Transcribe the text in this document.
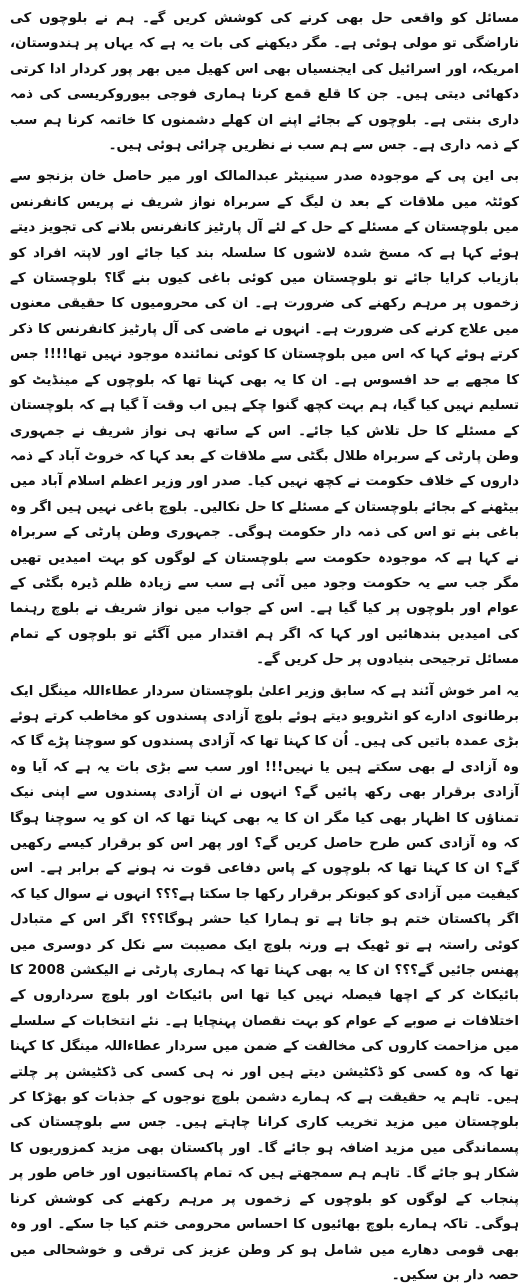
مسائل کو واقعی حل بھی کرنے کی کوشش کریں گے۔ ہم نے بلوچوں کی ناراضگی تو مولی ہوئی ہے۔ مگر دیکھنے کی بات یہ ہے کہ یہاں پر ہندوستان، امریکہ، اور اسرائیل کی ایجنسیاں بھی اس کھیل میں بھر پور کردار ادا کرتی دکھائی دیتی ہیں۔ جن کا قلع قمع کرنا ہماری فوجی بیوروکریسی کی ذمہ داری بنتی ہے۔ بلوچوں کے بجائے اپنے ان کھلے دشمنوں کا خاتمہ کرنا ہم سب کے ذمہ داری ہے۔ جس سے ہم سب نے نظریں چرائی ہوئی ہیں۔

بی این پی کے موجودہ صدر سینیٹر عبدالمالک اور میر حاصل خان بزنجو سے کوئٹہ میں ملاقات کے بعد ن لیگ کے سربراہ نواز شریف نے پریس کانفرنس میں بلوچستان کے مسئلے کے حل کے لئے آل پارٹیز کانفرنس بلانے کی تجویز دیتے ہوئے کہا ہے کہ مسخ شدہ لاشوں کا سلسلہ بند کیا جائے اور لاپتہ افراد کو بازیاب کرایا جائے تو بلوچستان میں کوئی باغی کیوں بنے گا؟ بلوچستان کے زخموں پر مرہم رکھنے کی ضرورت ہے۔ ان کی محرومیوں کا حقیقی معنوں میں علاج کرنے کی ضرورت ہے۔ انہوں نے ماضی کی آل پارٹیز کانفرنس کا ذکر کرتے ہوئے کہا کہ اس میں بلوچستان کا کوئی نمائندہ موجود نہیں تھا!!!! جس کا مجھے بے حد افسوس ہے۔ ان کا یہ بھی کہنا تھا کہ بلوچوں کے مینڈیٹ کو تسلیم نہیں کیا گیا، ہم بہت کچھ گنوا چکے ہیں اب وقت آ گیا ہے کہ بلوچستان کے مسئلے کا حل تلاش کیا جائے۔ اس کے ساتھ ہی نواز شریف نے جمہوری وطن پارٹی کے سربراہ طلال بگٹی سے ملاقات کے بعد کہا کہ خروٹ آباد کے ذمہ داروں کے خلاف حکومت نے کچھ نہیں کیا۔ صدر اور وزیر اعظم اسلام آباد میں بیٹھنے کے بجائے بلوچستان کے مسئلے کا حل نکالیں۔ بلوچ باغی نہیں ہیں اگر وہ باغی بنے تو اس کی ذمہ دار حکومت ہوگی۔ جمہوری وطن پارٹی کے سربراہ نے کہا ہے کہ موجودہ حکومت سے بلوچستان کے لوگوں کو بہت امیدیں تھیں مگر جب سے یہ حکومت وجود میں آئی ہے سب سے زیادہ ظلم ڈیرہ بگٹی کے عوام اور بلوچوں پر کیا گیا ہے۔ اس کے جواب میں نواز شریف نے بلوچ رہنما کی امیدیں بندھائیں اور کہا کہ اگر ہم اقتدار میں آگئے تو بلوچوں کے تمام مسائل ترجیحی بنیادوں پر حل کریں گے۔

یہ امر خوش آئند ہے کہ سابق وزیر اعلیٰ بلوچستان سردار عطاءاللہ مینگل ایک برطانوی ادارے کو انٹرویو دیتے ہوئے بلوچ آزادی پسندوں کو مخاطب کرتے ہوئے بڑی عمدہ باتیں کی ہیں۔ اُن کا کہنا تھا کہ آزادی پسندوں کو سوچنا پڑے گا کہ وہ آزادی لے بھی سکتے ہیں یا نہیں!!! اور سب سے بڑی بات یہ ہے کہ آیا وہ آزادی برقرار بھی رکھ پائیں گے؟ انہوں نے ان آزادی پسندوں سے اپنی نیک تمناؤں کا اظہار بھی کیا مگر ان کا یہ بھی کہنا تھا کہ ان کو یہ سوچنا ہوگا کہ وہ آزادی کس طرح حاصل کریں گے؟ اور پھر اس کو برقرار کیسے رکھیں گے؟ ان کا کہنا تھا کہ بلوچوں کے پاس دفاعی قوت نہ ہونے کے برابر ہے۔ اس کیفیت میں آزادی کو کیونکر برقرار رکھا جا سکتا ہے؟؟؟ انہوں نے سوال کیا کہ اگر پاکستان ختم ہو جاتا ہے تو ہمارا کیا حشر ہوگا؟؟؟ اگر اس کے متبادل کوئی راستہ ہے تو ٹھیک ہے ورنہ بلوچ ایک مصیبت سے نکل کر دوسری میں پھنس جائیں گے؟؟؟ ان کا یہ بھی کہنا تھا کہ ہماری پارٹی نے الیکشن 2008 کا بائیکاٹ کر کے اچھا فیصلہ نہیں کیا تھا اس بائیکاٹ اور بلوچ سرداروں کے اختلافات نے صوبے کے عوام کو بہت نقصان پہنچایا ہے۔ نئے انتخابات کے سلسلے میں مزاحمت کاروں کی مخالفت کے ضمن میں سردار عطاءاللہ مینگل کا کہنا تھا کہ وہ کسی کو ڈکٹیشن دیتے ہیں اور نہ ہی کسی کی ڈکٹیشن پر چلتے ہیں۔ تاہم یہ حقیقت ہے کہ ہمارے دشمن بلوچ نوجوں کے جذبات کو بھڑکا کر بلوچستان میں مزید تخریب کاری کرانا چاہتے ہیں۔ جس سے بلوچستان کی پسماندگی میں مزید اضافہ ہو جائے گا۔ اور پاکستان بھی مزید کمزوریوں کا شکار ہو جائے گا۔ تاہم ہم سمجھتے ہیں کہ تمام پاکستانیوں اور خاص طور پر پنجاب کے لوگوں کو بلوچوں کے زخموں پر مرہم رکھنے کی کوشش کرنا ہوگی۔ تاکہ ہمارے بلوچ بھائیوں کا احساس محرومی ختم کیا جا سکے۔ اور وہ بھی قومی دھارے میں شامل ہو کر وطن عزیز کی ترقی و خوشحالی میں حصہ دار بن سکیں۔
